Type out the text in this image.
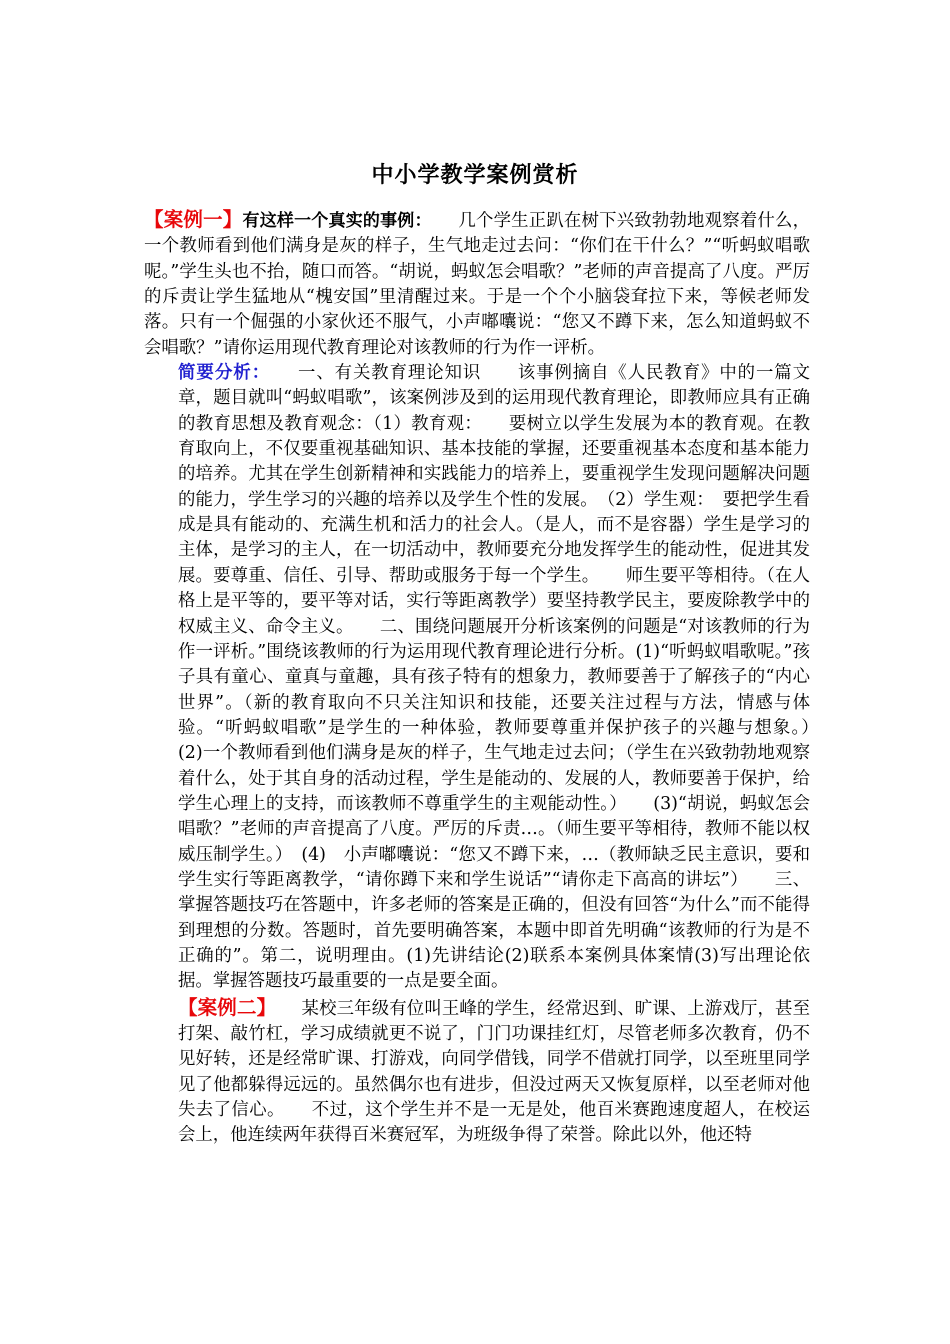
中小学教学案例赏析

【案例一】有这样一个真实的事例：　　几个学生正趴在树下兴致勃勃地观察着什么，一个教师看到他们满身是灰的样子，生气地走过去问：“你们在干什么？”“听蚂蚁唱歌呢。”学生头也不抬，随口而答。“胡说，蚂蚁怎会唱歌？”老师的声音提高了八度。严厉的斥责让学生猛地从“槐安国”里清醒过来。于是一个个小脑袋耷拉下来，等候老师发落。只有一个倔强的小家伙还不服气，小声嘟囔说：“您又不蹲下来，怎么知道蚂蚁不会唱歌？”请你运用现代教育理论对该教师的行为作一评析。

简要分析：　　一、有关教育理论知识　　该事例摘自《人民教育》中的一篇文章，题目就叫“蚂蚁唱歌”，该案例涉及到的运用现代教育理论，即教师应具有正确的教育思想及教育观念：（1）教育观：　　要树立以学生发展为本的教育观。在教育取向上，不仅要重视基础知识、基本技能的掌握，还要重视基本态度和基本能力的培养。尤其在学生创新精神和实践能力的培养上，要重视学生发现问题解决问题的能力，学生学习的兴趣的培养以及学生个性的发展。　（2）学生观：　要把学生看成是具有能动的、充满生机和活力的社会人。（是人，而不是容器）学生是学习的主体，是学习的主人，在一切活动中，教师要充分地发挥学生的能动性，促进其发展。要尊重、信任、引导、帮助或服务于每一个学生。　　师生要平等相待。（在人格上是平等的，要平等对话，实行等距离教学）要坚持教学民主，要废除教学中的权威主义、命令主义。　　二、围绕问题展开分析该案例的问题是“对该教师的行为作一评析。”围绕该教师的行为运用现代教育理论进行分析。(1)“听蚂蚁唱歌呢。”孩子具有童心、童真与童趣，具有孩子特有的想象力，教师要善于了解孩子的“内心世界”。（新的教育取向不只关注知识和技能，还要关注过程与方法，情感与体验。“听蚂蚁唱歌”是学生的一种体验，教师要尊重并保护孩子的兴趣与想象。）　　(2)一个教师看到他们满身是灰的样子，生气地走过去问；（学生在兴致勃勃地观察着什么，处于其自身的活动过程，学生是能动的、发展的人，教师要善于保护，给学生心理上的支持，而该教师不尊重学生的主观能动性。）　　(3)“胡说，蚂蚁怎会唱歌？”老师的声音提高了八度。严厉的斥责…。（师生要平等相待，教师不能以权威压制学生。）　(4)　小声嘟囔说：“您又不蹲下来，…（教师缺乏民主意识，要和学生实行等距离教学，“请你蹲下来和学生说话”“请你走下高高的讲坛”）　　三、掌握答题技巧在答题中，许多老师的答案是正确的，但没有回答“为什么”而不能得到理想的分数。答题时，首先要明确答案，本题中即首先明确“该教师的行为是不正确的”。第二，说明理由。(1)先讲结论(2)联系本案例具体案情(3)写出理论依据。掌握答题技巧最重要的一点是要全面。

【案例二】　　某校三年级有位叫王峰的学生，经常迟到、旷课、上游戏厅，甚至打架、敲竹杠，学习成绩就更不说了，门门功课挂红灯，尽管老师多次教育，仍不见好转，还是经常旷课、打游戏，向同学借钱，同学不借就打同学，以至班里同学见了他都躲得远远的。虽然偶尔也有进步，但没过两天又恢复原样，以至老师对他失去了信心。　　不过，这个学生并不是一无是处，他百米赛跑速度超人，在校运会上，他连续两年获得百米赛冠军，为班级争得了荣誉。除此以外，他还特
